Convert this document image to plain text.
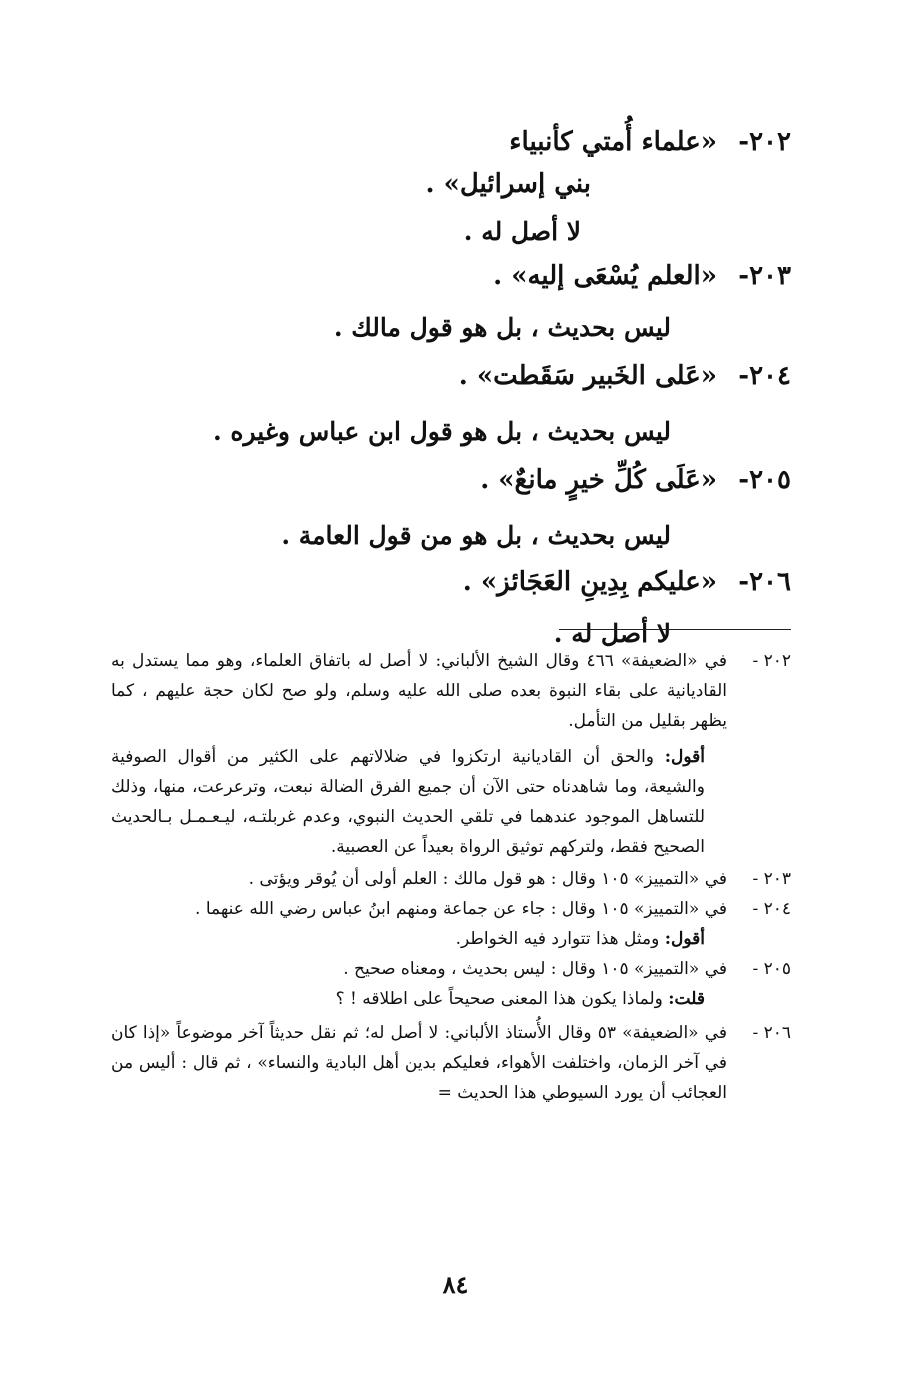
٢٠٢-
«علماء أُمتي كأنبياء
بني إسرائيل» .
لا أصل له .
٢٠٣-
«العلم يُسْعَى إليه» .
ليس بحديث ، بل هو قول مالك .
٢٠٤-
«عَلى الخَبير سَقَطت» .
ليس بحديث ، بل هو قول ابن عباس وغيره .
٢٠٥-
«عَلَى كُلِّ خيرٍ مانعٌ» .
ليس بحديث ، بل هو من قول العامة .
٢٠٦-
«عليكم بِدِينِ العَجَائز» .
لا أصل له .
٢٠٢ -

في «الضعيفة» ٤٦٦ وقال الشيخ الألباني: لا أصل له باتفاق العلماء، وهو مما يستدل به القاديانية على بقاء النبوة بعده صلى الله عليه وسلم، ولو صح لكان حجة عليهم ، كما يظهر بقليل من التأمل.

أقول: والحق أن القاديانية ارتكزوا في ضلالاتهم على الكثير من أقوال الصوفية والشيعة، وما شاهدناه حتى الآن أن جميع الفرق الضالة نبعت، وترعرعت، منها، وذلك للتساهل الموجود عندهما في تلقي الحديث النبوي، وعدم غربلتـه، ليـعـمـل بـالحديث الصحيح فقط، ولتركهم توثيق الرواة بعيداً عن العصبية.

٢٠٣ -

في «التمييز» ١٠٥ وقال : هو قول مالك : العلم أولى أن يُوقر ويؤتى .

٢٠٤ -

في «التمييز» ١٠٥ وقال : جاء عن جماعة ومنهم ابنُ عباس رضي الله عنهما .

أقول: ومثل هذا تتوارد فيه الخواطر.

٢٠٥ -

في «التمييز» ١٠٥ وقال : ليس بحديث ، ومعناه صحيح .

قلت: ولماذا يكون هذا المعنى صحيحاً على اطلاقه ! ؟

٢٠٦ -

في «الضعيفة» ٥٣ وقال الأُستاذ الألباني: لا أصل له؛ ثم نقل حديثاً آخر موضوعاً «إذا كان في آخر الزمان، واختلفت الأهواء، فعليكم بدين أهل البادية والنساء» ، ثم قال : أليس من العجائب أن يورد السيوطي هذا الحديث =

٨٤
